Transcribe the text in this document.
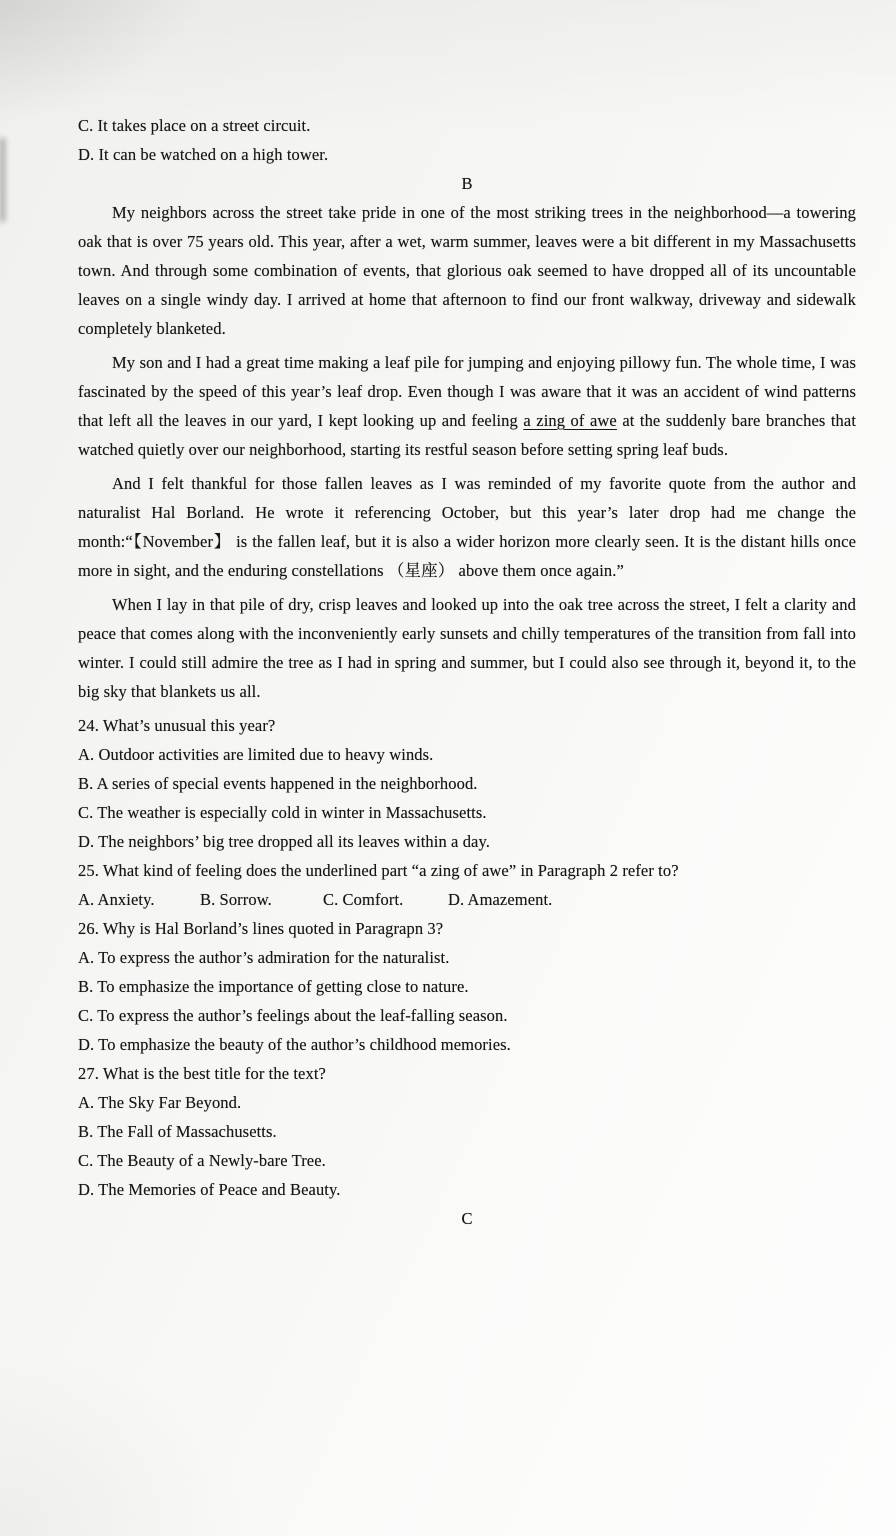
C. It takes place on a street circuit.
D. It can be watched on a high tower.
B

My neighbors across the street take pride in one of the most striking trees in the neighborhood—a towering oak that is over 75 years old. This year, after a wet, warm summer, leaves were a bit different in my Massachusetts town. And through some combination of events, that glorious oak seemed to have dropped all of its uncountable leaves on a single windy day. I arrived at home that afternoon to find our front walkway, driveway and sidewalk completely blanketed.

My son and I had a great time making a leaf pile for jumping and enjoying pillowy fun. The whole time, I was fascinated by the speed of this year’s leaf drop. Even though I was aware that it was an accident of wind patterns that left all the leaves in our yard, I kept looking up and feeling a zing of awe at the suddenly bare branches that watched quietly over our neighborhood, starting its restful season before setting spring leaf buds.

And I felt thankful for those fallen leaves as I was reminded of my favorite quote from the author and naturalist Hal Borland. He wrote it referencing October, but this year’s later drop had me change the month:“【November】 is the fallen leaf, but it is also a wider horizon more clearly seen. It is the distant hills once more in sight, and the enduring constellations （星座） above them once again.”

When I lay in that pile of dry, crisp leaves and looked up into the oak tree across the street, I felt a clarity and peace that comes along with the inconveniently early sunsets and chilly temperatures of the transition from fall into winter. I could still admire the tree as I had in spring and summer, but I could also see through it, beyond it, to the big sky that blankets us all.

24. What’s unusual this year?
A. Outdoor activities are limited due to heavy winds.
B. A series of special events happened in the neighborhood.
C. The weather is especially cold in winter in Massachusetts.
D. The neighbors’ big tree dropped all its leaves within a day.
25. What kind of feeling does the underlined part “a zing of awe” in Paragraph 2 refer to?
A. Anxiety.	B. Sorrow.	C. Comfort.	D. Amazement.
26. Why is Hal Borland’s lines quoted in Paragrapn 3?
A. To express the author’s admiration for the naturalist.
B. To emphasize the importance of getting close to nature.
C. To express the author’s feelings about the leaf-falling season.
D. To emphasize the beauty of the author’s childhood memories.
27. What is the best title for the text?
A. The Sky Far Beyond.
B. The Fall of Massachusetts.
C. The Beauty of a Newly-bare Tree.
D. The Memories of Peace and Beauty.
C
